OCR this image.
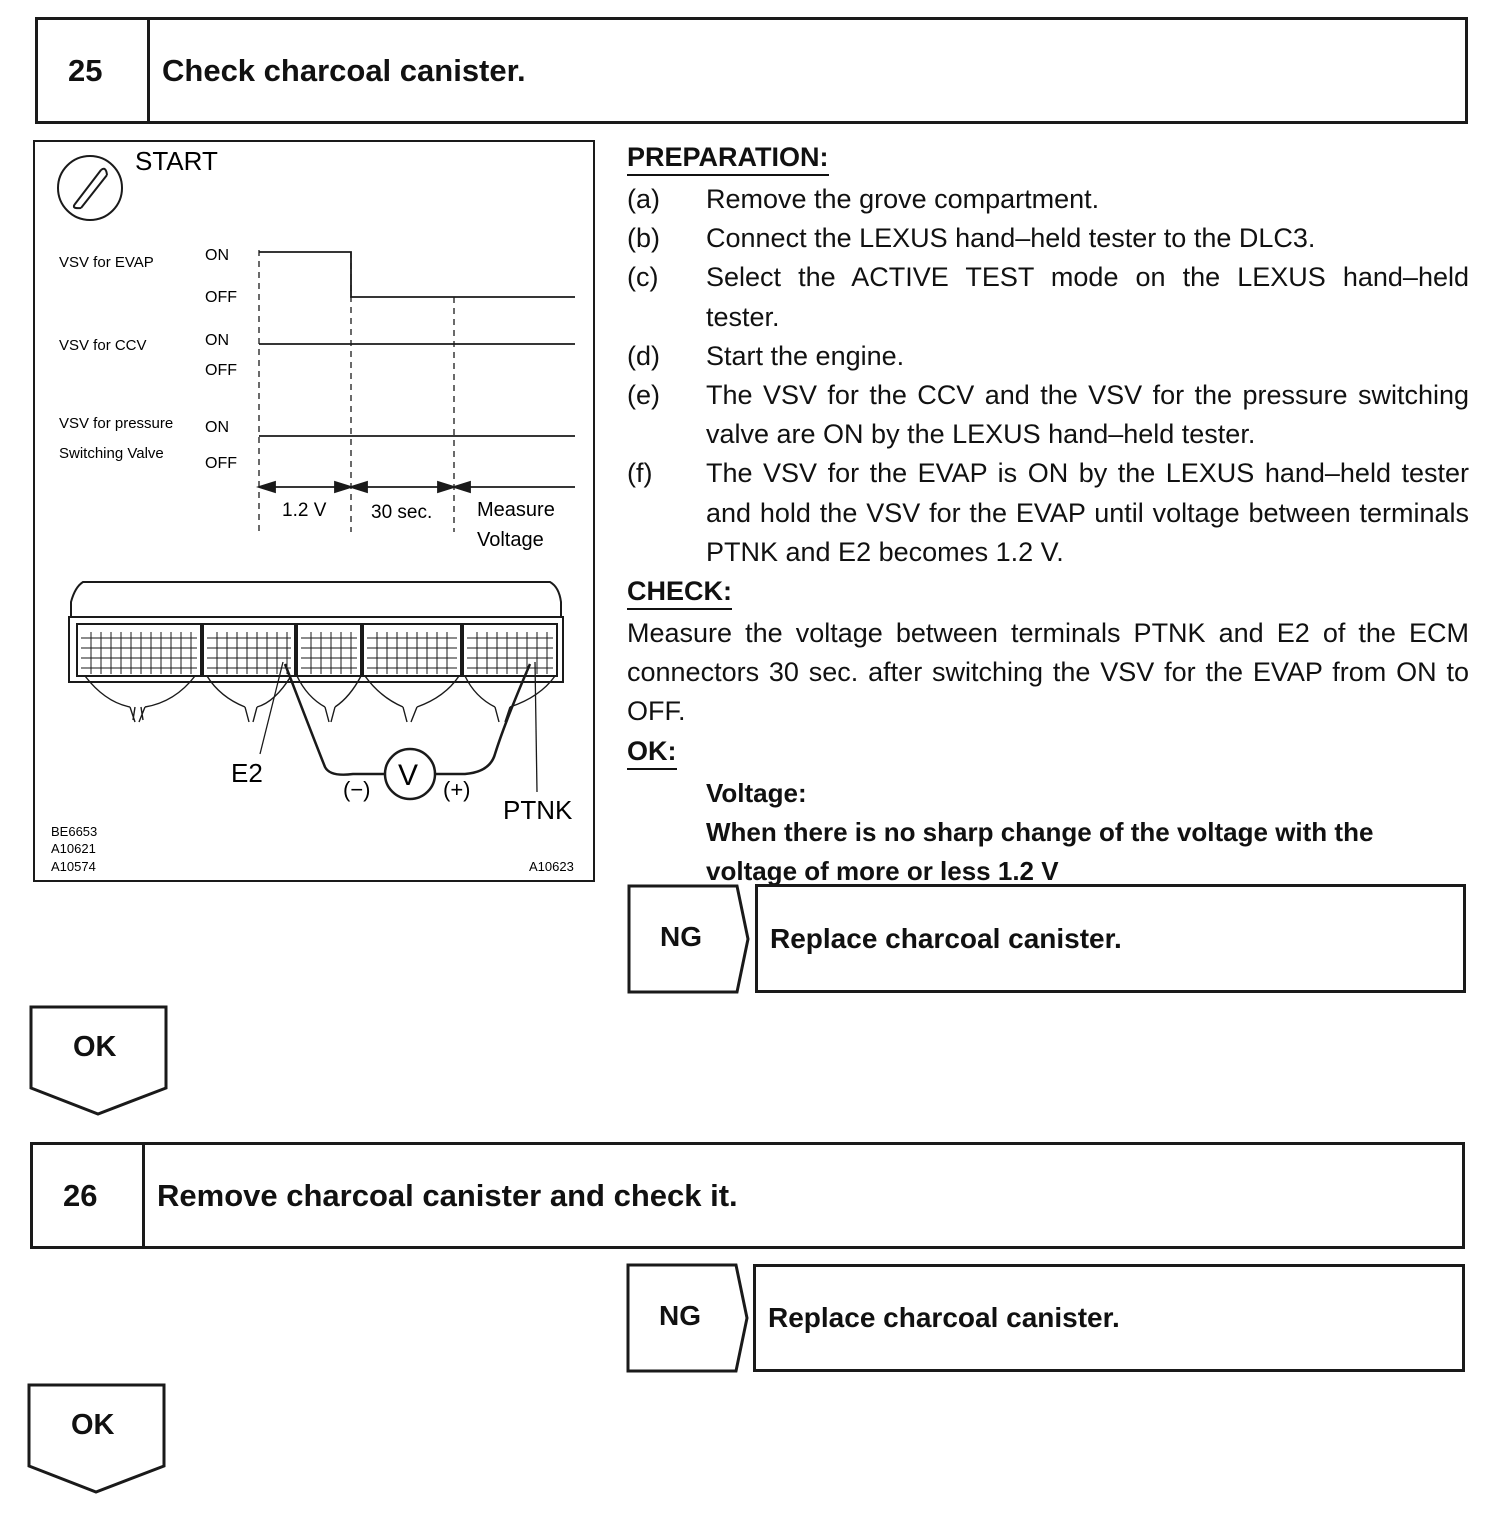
25	Check charcoal canister.
START
VSV for EVAP	ON
OFF
VSV for CCV	ON
OFF
VSV for pressure
Switching Valve
ON
OFF
1.2 V 30 sec. Measure
Voltage
V
(−)	(+)
E2
PTNK
BE6653
A10621
A10574	A10623
PREPARATION:
(a)	Remove the grove compartment.
(b)	Connect the LEXUS hand–held tester to the DLC3.
(c)	Select the ACTIVE TEST mode on the LEXUS hand–held tester.
(d)	Start the engine.
(e)	The VSV for the CCV and the VSV for the pressure switching valve are ON by the LEXUS hand–held tester.
(f)	The VSV for the EVAP is ON by the LEXUS hand–held tester and hold the VSV for the EVAP until voltage between terminals PTNK and E2 becomes 1.2 V.
CHECK:
Measure the voltage between terminals PTNK and E2 of the ECM connectors 30 sec. after switching the VSV for the EVAP from ON to OFF.
OK:
Voltage:
When there is no sharp change of the voltage with the voltage of more or less 1.2 V
NG	Replace charcoal canister.
OK
26	Remove charcoal canister and check it.
NG	Replace charcoal canister.
OK
